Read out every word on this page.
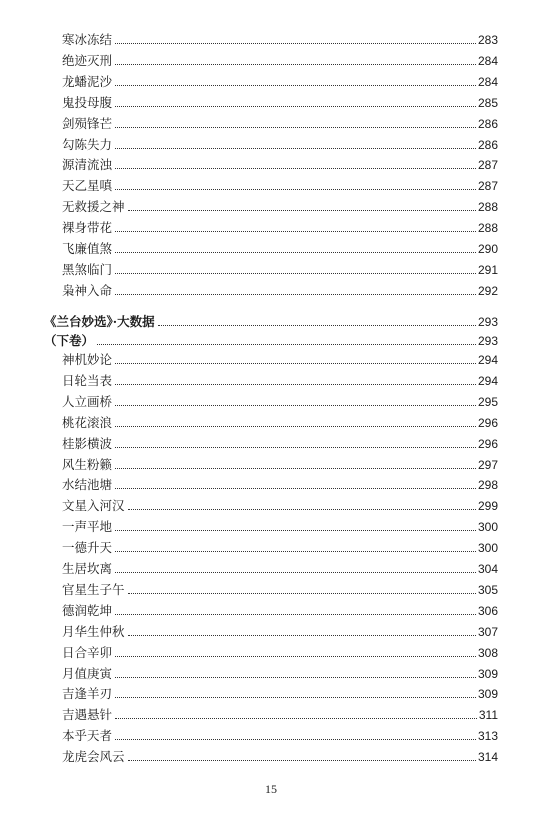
寒冰冻结	283
绝迹灭刑	284
龙蟠泥沙	284
鬼投母腹	285
剑殒锋芒	286
勾陈失力	286
源清流浊	287
天乙星嗔	287
无救援之神	288
裸身带花	288
飞廉值煞	290
黑煞临门	291
枭神入命	292
《兰台妙选》·大数据	293
（下卷）	293
神机妙论	294
日轮当表	294
人立画桥	295
桃花滚浪	296
桂影横波	296
风生粉籁	297
水结池塘	298
文星入河汉	299
一声平地	300
一德升天	300
生居坎离	304
官星生子午	305
德润乾坤	306
月华生仲秋	307
日合辛卯	308
月值庚寅	309
吉逢羊刃	309
吉遇悬针	311
本乎天者	313
龙虎会风云	314
15
